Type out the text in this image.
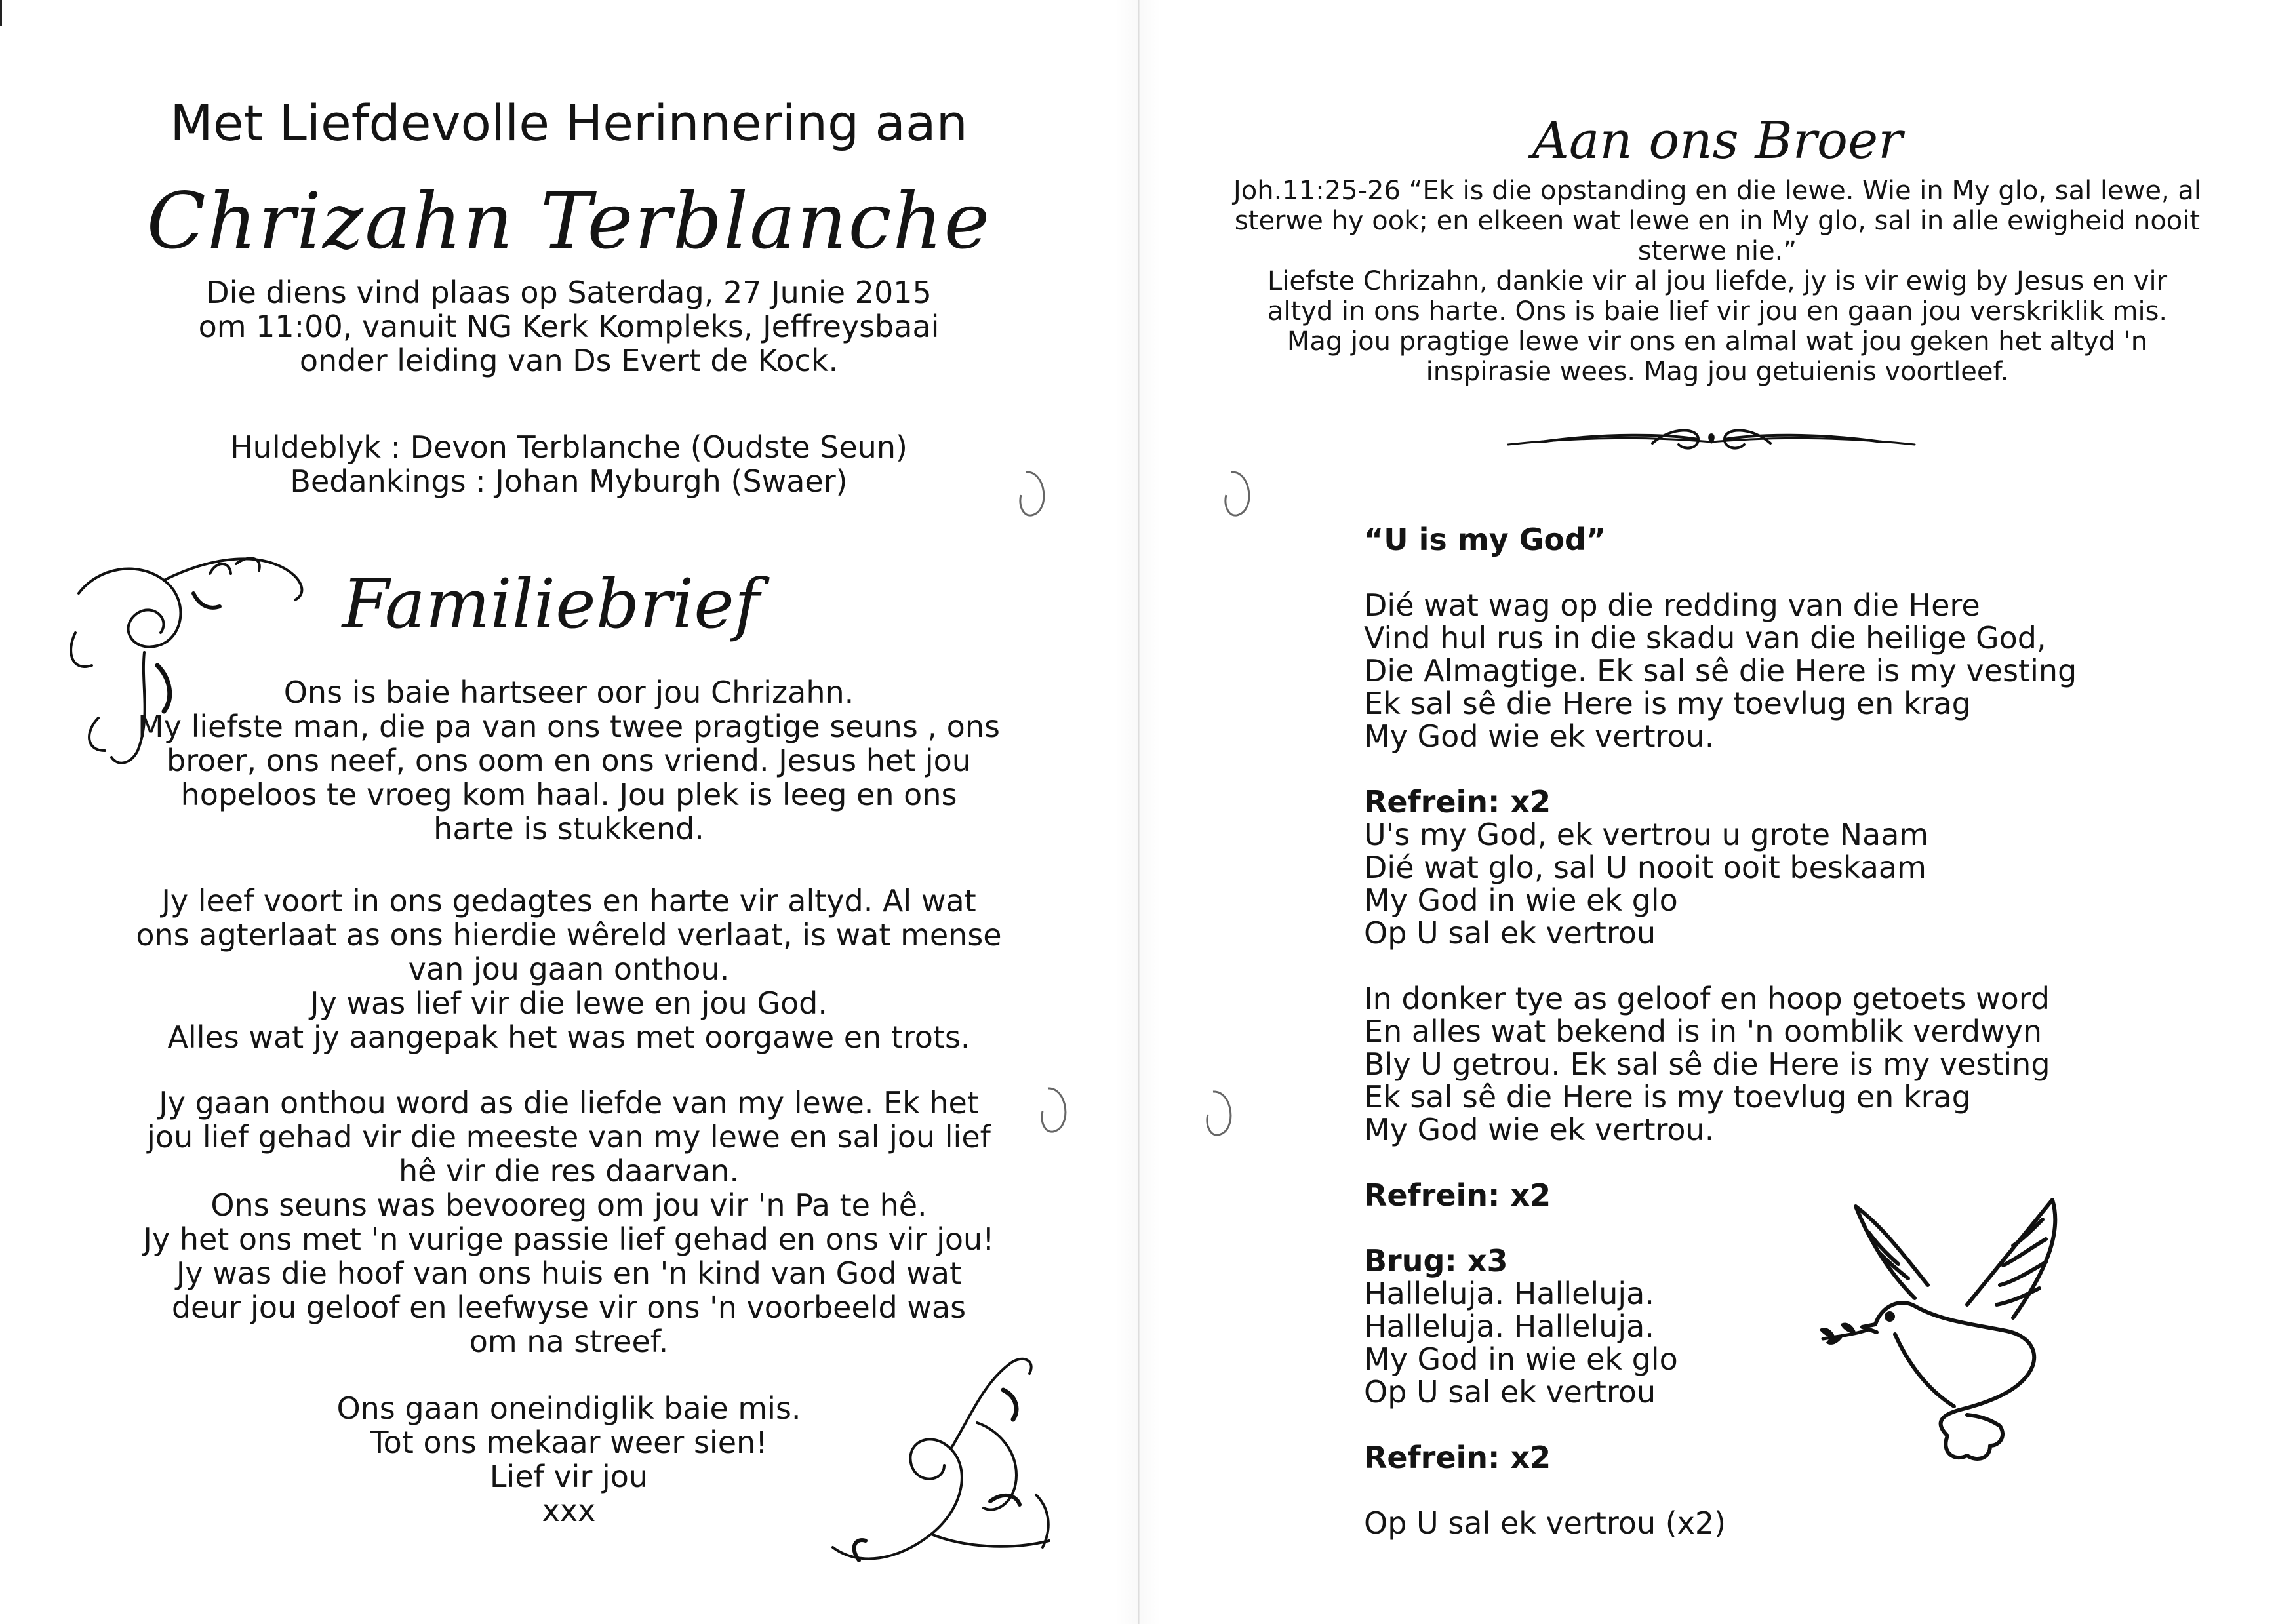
Met Liefdevolle Herinnering aan
Chrizahn Terblanche
Die diens vind plaas op Saterdag, 27 Junie 2015
om 11:00, vanuit NG Kerk Kompleks, Jeffreysbaai
onder leiding van Ds Evert de Kock.
Huldeblyk : Devon Terblanche (Oudste Seun)
Bedankings : Johan Myburgh (Swaer)
Familiebrief
Ons is baie hartseer oor jou Chrizahn.
My liefste man, die pa van ons twee pragtige seuns , ons
broer, ons neef, ons oom en ons vriend. Jesus het jou
hopeloos te vroeg kom haal. Jou plek is leeg en ons
harte is stukkend.
Jy leef voort in ons gedagtes en harte vir altyd. Al wat
ons agterlaat as ons hierdie wêreld verlaat, is wat mense
van jou gaan onthou.
Jy was lief vir die lewe en jou God.
Alles wat jy aangepak het was met oorgawe en trots.
Jy gaan onthou word as die liefde van my lewe. Ek het
jou lief gehad vir die meeste van my lewe en sal jou lief
hê vir die res daarvan.
Ons seuns was bevooreg om jou vir 'n Pa te hê.
Jy het ons met 'n vurige passie lief gehad en ons vir jou!
Jy was die hoof van ons huis en 'n kind van God wat
deur jou geloof en leefwyse vir ons 'n voorbeeld was
om na streef.
Ons gaan oneindiglik baie mis.
Tot ons mekaar weer sien!
Lief vir jou
xxx
Aan ons Broer
Joh.11:25-26 “Ek is die opstanding en die lewe. Wie in My glo, sal lewe, al
sterwe hy ook; en elkeen wat lewe en in My glo, sal in alle ewigheid nooit
sterwe nie.”
Liefste Chrizahn, dankie vir al jou liefde, jy is vir ewig by Jesus en vir
altyd in ons harte. Ons is baie lief vir jou en gaan jou verskriklik mis.
Mag jou pragtige lewe vir ons en almal wat jou geken het altyd 'n
inspirasie wees. Mag jou getuienis voortleef.
“U is my God”
Dié wat wag op die redding van die Here
Vind hul rus in die skadu van die heilige God,
Die Almagtige. Ek sal sê die Here is my vesting
Ek sal sê die Here is my toevlug en krag
My God wie ek vertrou.
Refrein: x2
U's my God, ek vertrou u grote Naam
Dié wat glo, sal U nooit ooit beskaam
My God in wie ek glo
Op U sal ek vertrou
In donker tye as geloof en hoop getoets word
En alles wat bekend is in 'n oomblik verdwyn
Bly U getrou. Ek sal sê die Here is my vesting
Ek sal sê die Here is my toevlug en krag
My God wie ek vertrou.
Refrein: x2
Brug: x3
Halleluja. Halleluja.
Halleluja. Halleluja.
My God in wie ek glo
Op U sal ek vertrou
Refrein: x2
Op U sal ek vertrou (x2)
